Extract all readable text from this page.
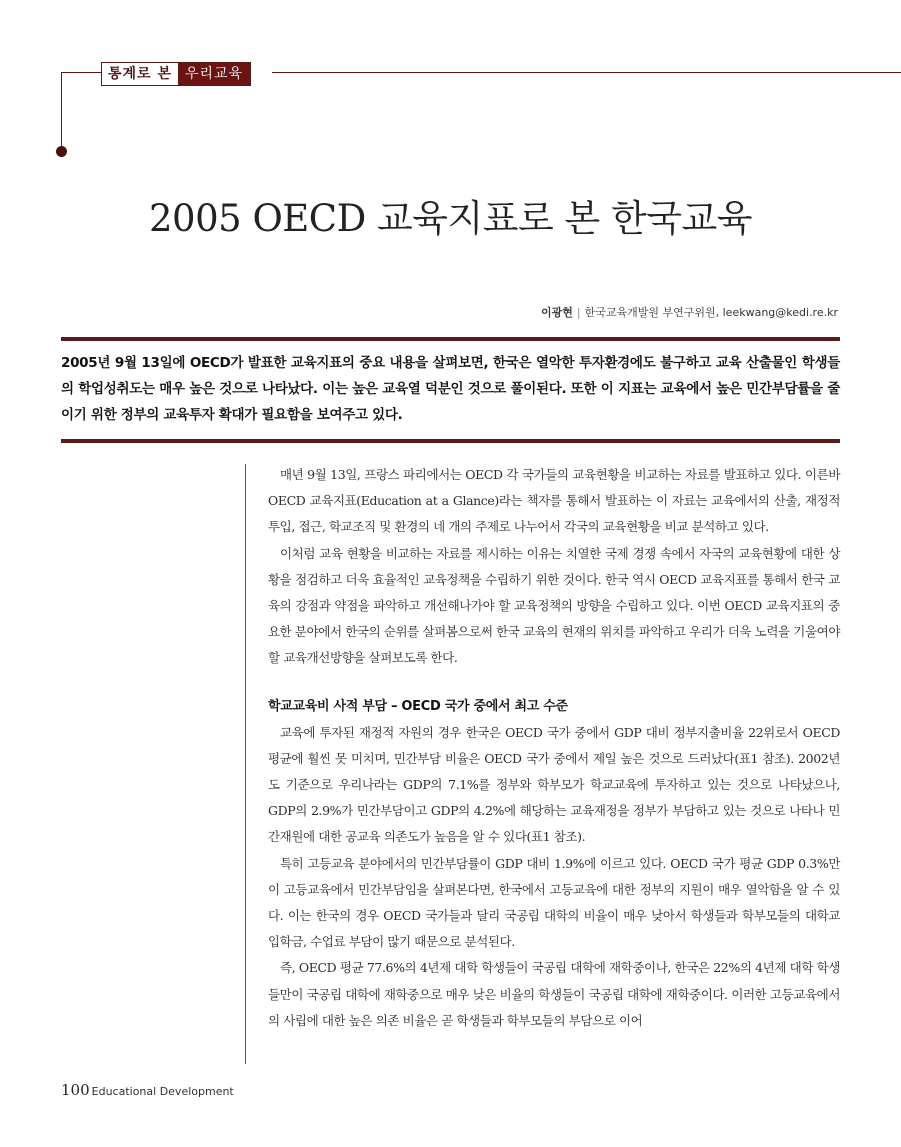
통계로 본 우리교육
2005 OECD 교육지표로 본 한국교육
이광현 | 한국교육개발원 부연구위원, leekwang@kedi.re.kr
2005년 9월 13일에 OECD가 발표한 교육지표의 중요 내용을 살펴보면, 한국은 열악한 투자환경에도 불구하고 교육 산출물인 학생들의 학업성취도는 매우 높은 것으로 나타났다. 이는 높은 교육열 덕분인 것으로 풀이된다. 또한 이 지표는 교육에서 높은 민간부담률을 줄이기 위한 정부의 교육투자 확대가 필요함을 보여주고 있다.

매년 9월 13일, 프랑스 파리에서는 OECD 각 국가들의 교육현황을 비교하는 자료를 발표하고 있다. 이른바 OECD 교육지표(Education at a Glance)라는 책자를 통해서 발표하는 이 자료는 교육에서의 산출, 재정적 투입, 접근, 학교조직 및 환경의 네 개의 주제로 나누어서 각국의 교육현황을 비교 분석하고 있다.

이처럼 교육 현황을 비교하는 자료를 제시하는 이유는 치열한 국제 경쟁 속에서 자국의 교육현황에 대한 상황을 점검하고 더욱 효율적인 교육정책을 수립하기 위한 것이다. 한국 역시 OECD 교육지표를 통해서 한국 교육의 강점과 약점을 파악하고 개선해나가야 할 교육정책의 방향을 수립하고 있다. 이번 OECD 교육지표의 중요한 분야에서 한국의 순위를 살펴봄으로써 한국 교육의 현재의 위치를 파악하고 우리가 더욱 노력을 기울여야할 교육개선방향을 살펴보도록 한다.

학교교육비 사적 부담 – OECD 국가 중에서 최고 수준

교육에 투자된 재정적 자원의 경우 한국은 OECD 국가 중에서 GDP 대비 정부지출비율 22위로서 OECD 평균에 훨씬 못 미치며, 민간부담 비율은 OECD 국가 중에서 제일 높은 것으로 드러났다(표1 참조). 2002년도 기준으로 우리나라는 GDP의 7.1%를 정부와 학부모가 학교교육에 투자하고 있는 것으로 나타났으나, GDP의 2.9%가 민간부담이고 GDP의 4.2%에 해당하는 교육재정을 정부가 부담하고 있는 것으로 나타나 민간재원에 대한 공교육 의존도가 높음을 알 수 있다(표1 참조).

특히 고등교육 분야에서의 민간부담률이 GDP 대비 1.9%에 이르고 있다. OECD 국가 평균 GDP 0.3%만이 고등교육에서 민간부담임을 살펴본다면, 한국에서 고등교육에 대한 정부의 지원이 매우 열악함을 알 수 있다. 이는 한국의 경우 OECD 국가들과 달리 국공립 대학의 비율이 매우 낮아서 학생들과 학부모들의 대학교 입학금, 수업료 부담이 많기 때문으로 분석된다.

즉, OECD 평균 77.6%의 4년제 대학 학생들이 국공립 대학에 재학중이나, 한국은 22%의 4년제 대학 학생들만이 국공립 대학에 재학중으로 매우 낮은 비율의 학생들이 국공립 대학에 재학중이다. 이러한 고등교육에서의 사립에 대한 높은 의존 비율은 곧 학생들과 학부모들의 부담으로 이어

100 Educational Development
